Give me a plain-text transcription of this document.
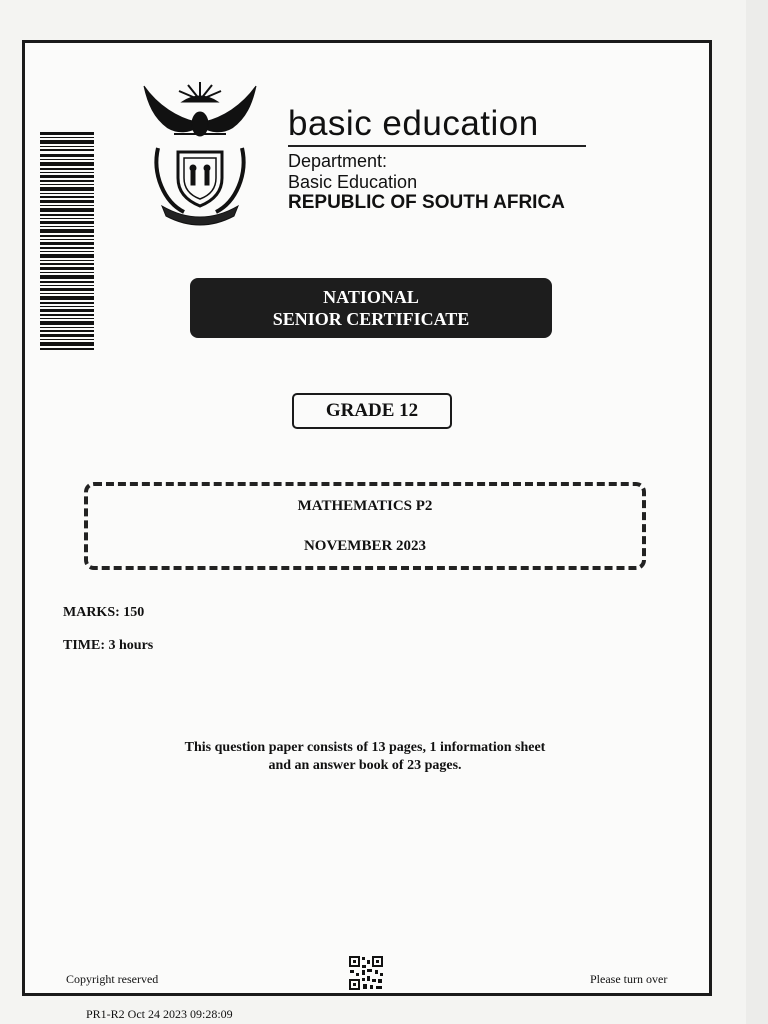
basic education
Department:
Basic Education
REPUBLIC OF SOUTH AFRICA
NATIONAL
SENIOR CERTIFICATE
GRADE 12
MATHEMATICS P2
NOVEMBER 2023
MARKS: 150
TIME: 3 hours
This question paper consists of 13 pages, 1 information sheet
and an answer book of 23 pages.
Copyright reserved	Please turn over
PR1-R2 Oct 24 2023 09:28:09
